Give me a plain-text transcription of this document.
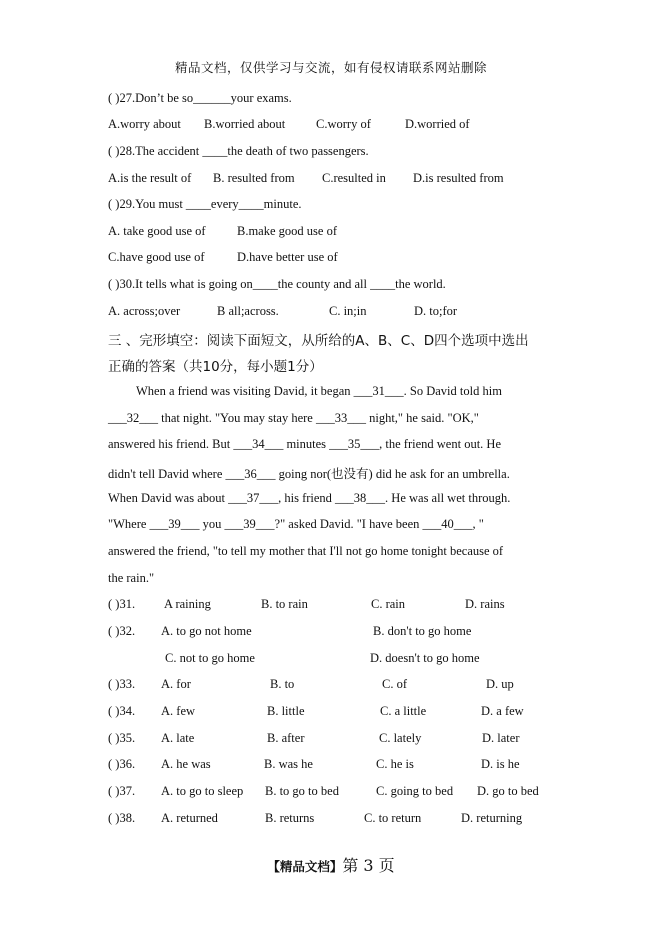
精品文档，仅供学习与交流，如有侵权请联系网站删除
( )27.Don’t be so______your exams.
A.worry about B.worried about C.worry of	D.worried of
( )28.The accident ____the death of two passengers.
A.is the result of B. resulted from C.resulted in D.is resulted from
( )29.You must ____every____minute.
A. take good use of	B.make good use of
C.have good use of	D.have better use of
( )30.It tells what is going on____the county and all ____the world.
A. across;over	B all;across.	C. in;in	D. to;for
三 、完形填空：阅读下面短文，从所给的A、B、C、D四个选项中选出
正确的答案（共10分，每小题1分）
When a friend was visiting David, it began ___31___. So David told him
___32___ that night. "You may stay here ___33___ night," he said. "OK,"
answered his friend. But ___34___ minutes ___35___, the friend went out. He
didn't tell David where ___36___ going nor(也没有) did he ask for an umbrella.
When David was about ___37___, his friend ___38___. He was all wet through.
"Where ___39___ you ___39___?" asked David. "I have been ___40___, "
answered the friend, "to tell my mother that I'll not go home tonight because of
the rain."
( )31. A raining	B. to rain	C. rain	D. rains
( )32. A. to go not home	B. don't to go home
C. not to go home	D. doesn't to go home
( )33. A. for	B. to	C. of	D. up
( )34. A. few	B. little	C. a little	D. a few
( )35. A. late	B. after	C. lately	D. later
( )36. A. he was	B. was he	C. he is	D. is he
( )37. A. to go to sleep B. to go to bed	C. going to bed D. go to bed
( )38. A. returned	B. returns	C. to return	D. returning
【精品文档】第 3 页
